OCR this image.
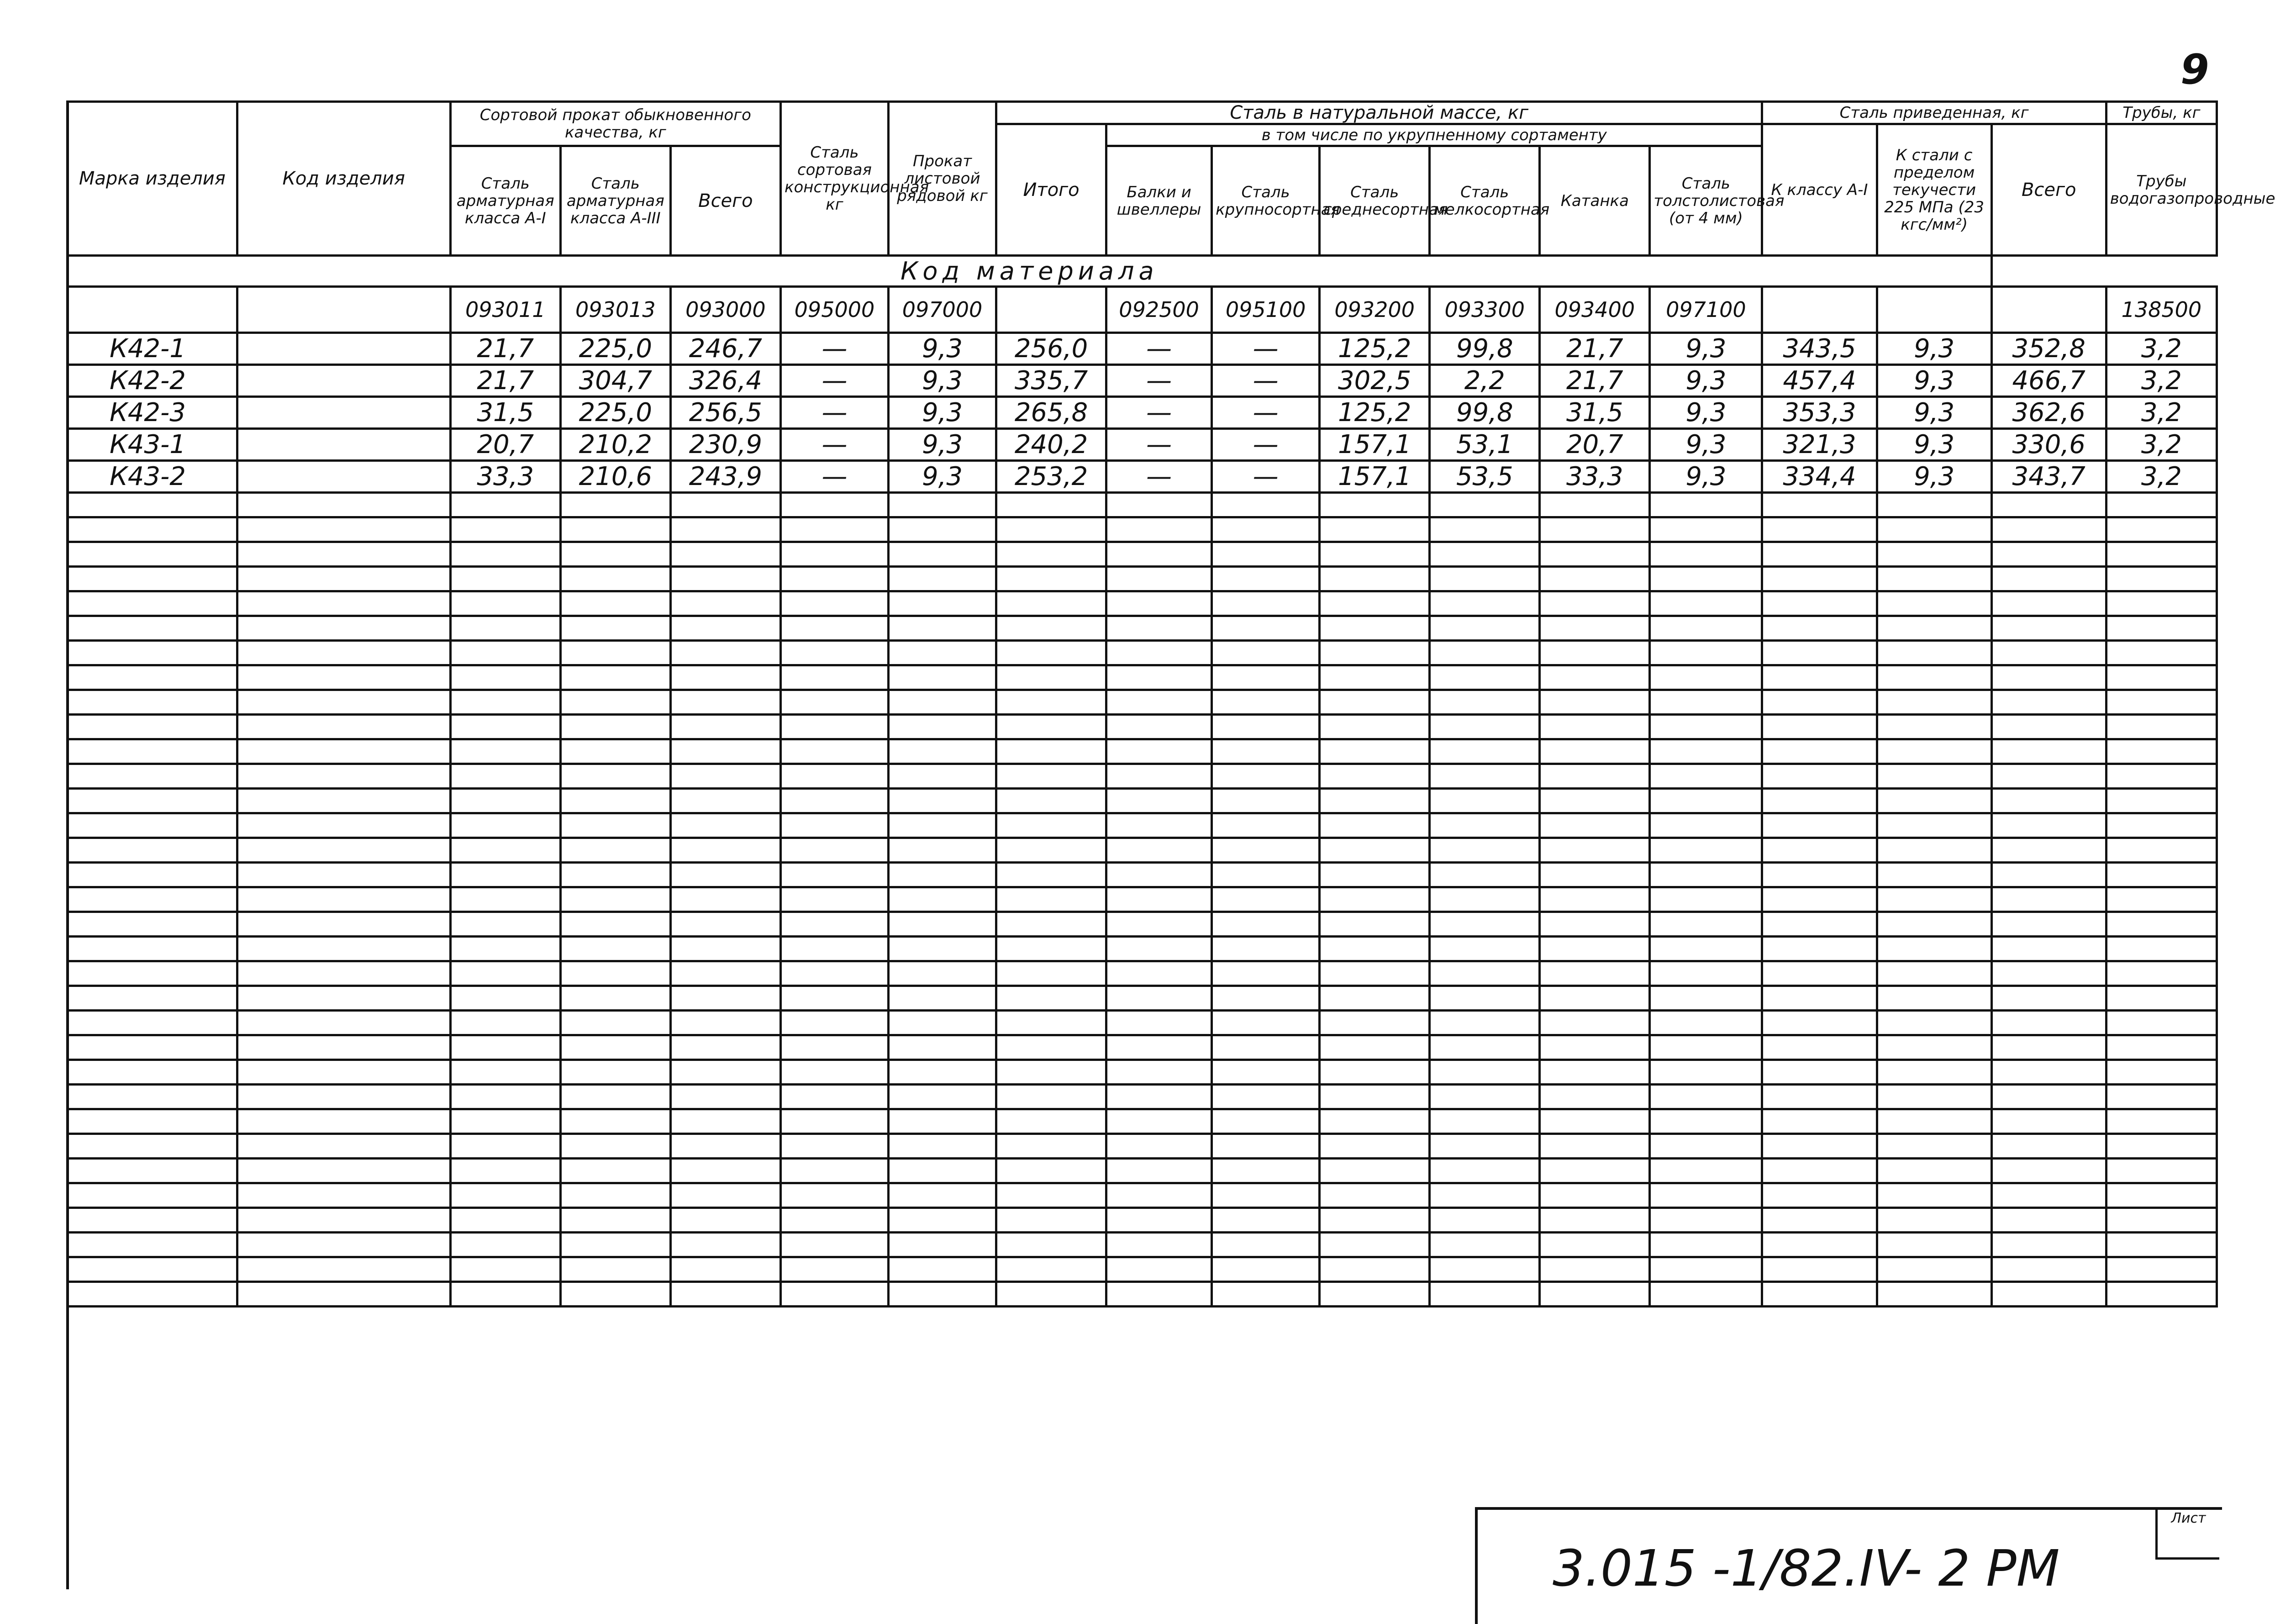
9
Марка изделия	Код изделия	Сортовой прокат обыкновенного качества, кг			Сталь сортовая конструкционная кг	Прокат листовой рядовой кг	Сталь в натуральной массе, кг							Сталь приведенная, кг			Трубы, кг
							Итого	в том числе по укрупненному сортаменту						К классу А-I	К стали с пределом текучести 225 МПа (23 кгс/мм²)	Всего	Трубы водогазопроводные
		Сталь арматурная класса А-I	Сталь арматурная класса А-III	Всего				Балки и швеллеры	Сталь крупносортная	Сталь среднесортная	Сталь мелкосортная	Катанка	Сталь толстолистовая (от 4 мм)				
Код материала																	
		093011	093013	093000	095000	097000		092500	095100	093200	093300	093400	097100				138500
К42-1		21,7	225,0	246,7	—	9,3	256,0	—	—	125,2	99,8	21,7	9,3	343,5	9,3	352,8	3,2
К42-2		21,7	304,7	326,4	—	9,3	335,7	—	—	302,5	2,2	21,7	9,3	457,4	9,3	466,7	3,2
К42-3		31,5	225,0	256,5	—	9,3	265,8	—	—	125,2	99,8	31,5	9,3	353,3	9,3	362,6	3,2
К43-1		20,7	210,2	230,9	—	9,3	240,2	—	—	157,1	53,1	20,7	9,3	321,3	9,3	330,6	3,2
К43-2		33,3	210,6	243,9	—	9,3	253,2	—	—	157,1	53,5	33,3	9,3	334,4	9,3	343,7	3,2

3.015 -1/82.IV- 2 PM
Лист
